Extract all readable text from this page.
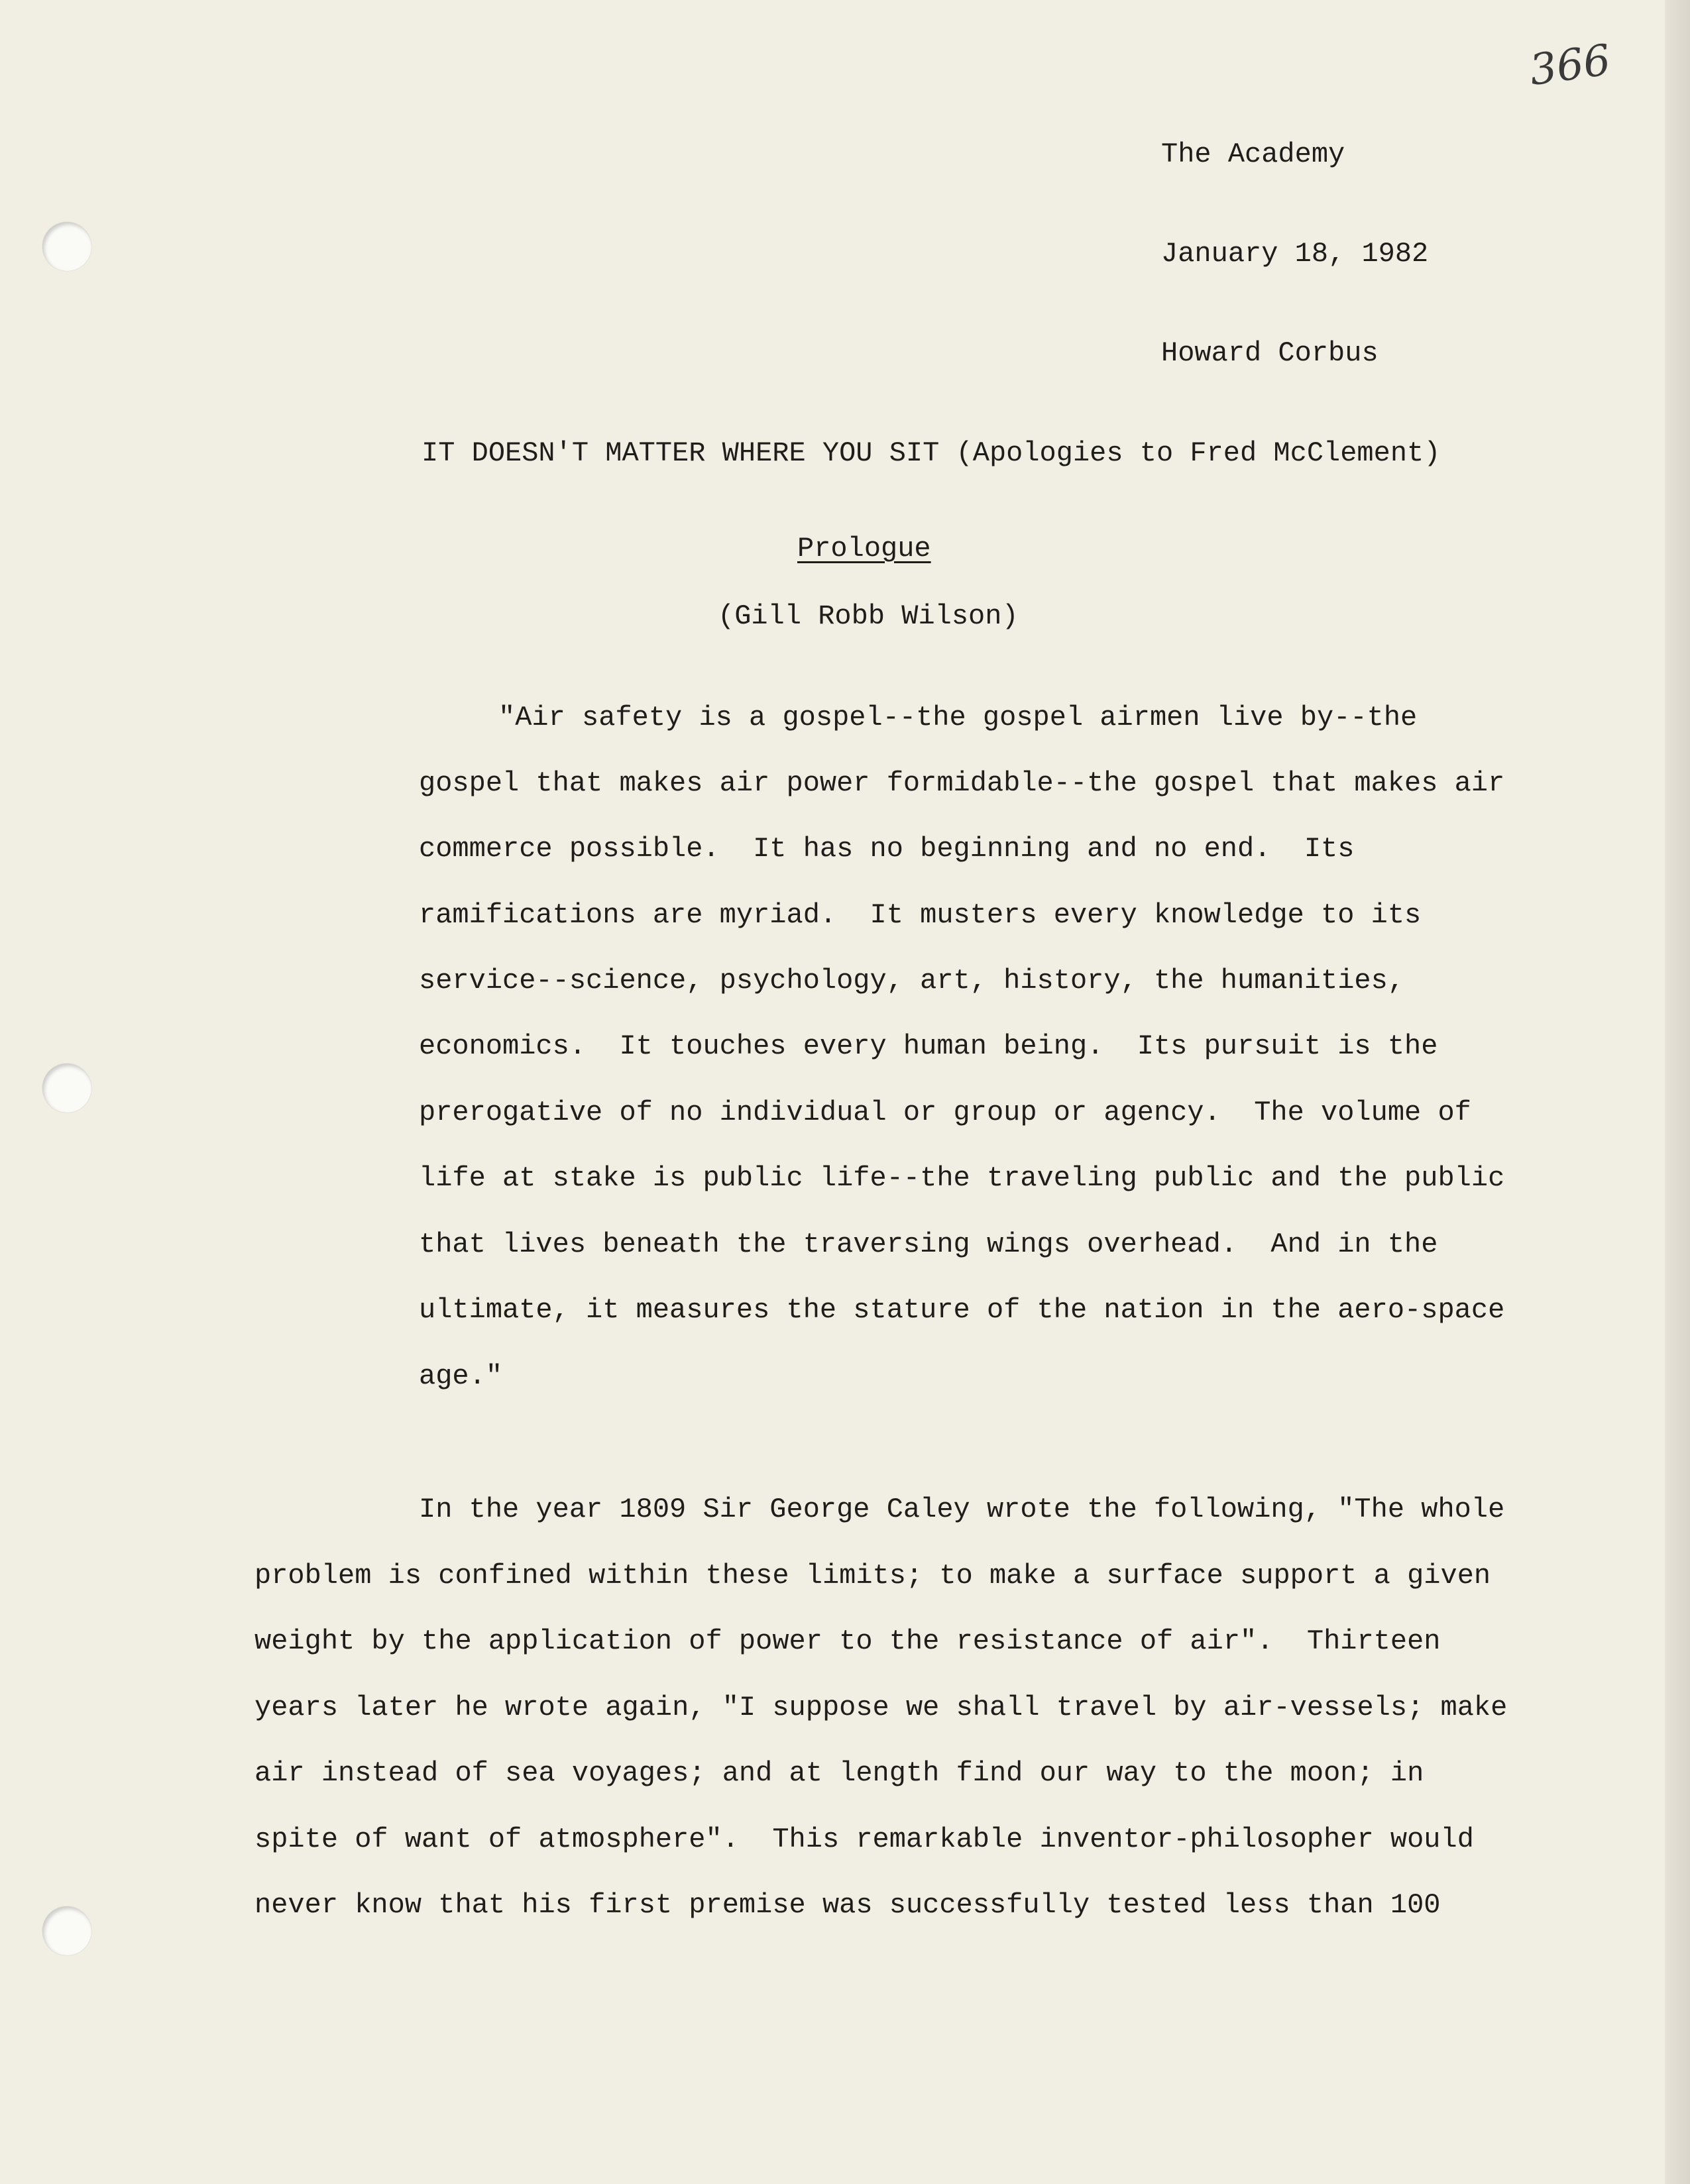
366

The Academy

January 18, 1982

Howard Corbus

IT DOESN'T MATTER WHERE YOU SIT (Apologies to Fred McClement)
Prologue
(Gill Robb Wilson)
"Air safety is a gospel--the gospel airmen live by--the
gospel that makes air power formidable--the gospel that makes air
commerce possible.  It has no beginning and no end.  Its
ramifications are myriad.  It musters every knowledge to its
service--science, psychology, art, history, the humanities,
economics.  It touches every human being.  Its pursuit is the
prerogative of no individual or group or agency.  The volume of
life at stake is public life--the traveling public and the public
that lives beneath the traversing wings overhead.  And in the
ultimate, it measures the stature of the nation in the aero-space
age."
In the year 1809 Sir George Caley wrote the following, "The whole
problem is confined within these limits; to make a surface support a given
weight by the application of power to the resistance of air".  Thirteen
years later he wrote again, "I suppose we shall travel by air-vessels; make
air instead of sea voyages; and at length find our way to the moon; in
spite of want of atmosphere".  This remarkable inventor-philosopher would
never know that his first premise was successfully tested less than 100
